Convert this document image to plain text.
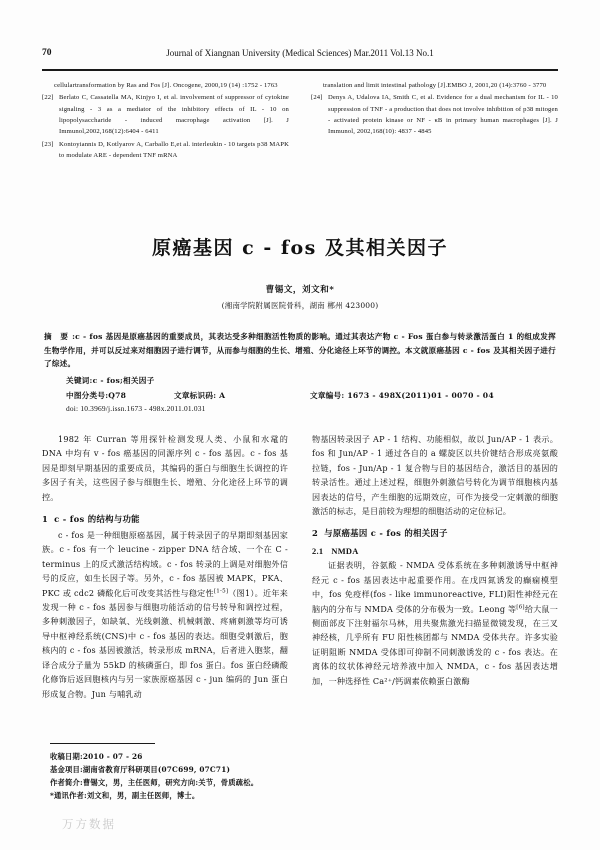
70	Journal of Xiangnan University (Medical Sciences) Mar.2011 Vol.13 No.1
cellulartransformation by Ras and Fos [J]. Oncogene, 2000,19 (14) :1752 - 1763
[22] Berlato C, Cassatella MA, Kinjyo I, et al. involvement of suppressor of cytokine signaling - 3 as a mediator of the inhibitory effects of IL - 10 on lipopolysaccharide - induced macrophage activation [J]. J Immunol,2002,168(12):6404 - 6411
[23] Kontoyiannis D, Kotlyarov A, Carballo E,et al. interleukin - 10 targets p38 MAPK to modulate ARE - dependent TNF mRNA
translation and limit intestinal pathology [J].EMBO J, 2001,20 (14):3760 - 3770
[24] Denys A, Udalova IA, Smith C, et al. Evidence for a dual mechanism for IL - 10 suppression of TNF - a production that does not involve inhibition of p38 mitogen - activated protein kinase or NF - κB in primary human macrophages [J]. J Immunol, 2002,168(10): 4837 - 4845
原癌基因 c - fos 及其相关因子
曹锡文，刘文和*
(湘南学院附属医院骨科，湖南 郴州 423000)
摘 要:c - fos 基因是原癌基因的重要成员，其表达受多种细胞活性物质的影响。通过其表达产物 c - Fos 蛋白参与转录激活蛋白 1 的组成发挥生物学作用，并可以反过来对细胞因子进行调节，从而参与细胞的生长、增殖、分化途径上环节的调控。本文就原癌基因 c - fos 及其相关因子进行了综述。
关键词:c - fos;相关因子
中图分类号:Q78	文章标识码: A	文章编号: 1673 - 498X(2011)01 - 0070 - 04
doi: 10.3969/j.issn.1673 - 498x.2011.01.031

1982 年 Curran 等用探针检测发现人类、小鼠和水鼋的 DNA 中均有 v - fos 癌基因的同源序列 c - fos 基因。c - fos 基因是即刻早期基因的重要成员，其编码的蛋白与细胞生长调控的许多因子有关，这些因子参与细胞生长、增殖、分化途径上环节的调控。

1 c - fos 的结构与功能

c - fos 是一种细胞原癌基因，属于转录因子的早期即刻基因家族。c - fos 有一个 leucine - zipper DNA 结合域、一个在 C - terminus 上的反式激活结构域。c - fos 转录的上调是对细胞外信号的反应，如生长因子等。另外，c - fos 基因被 MAPK，PKA、PKC 或 cdc2 磷酸化后可改变其活性与稳定性[1-5]（图1）。近年来发现一种 c - fos 基因参与细胞功能活动的信号转导和调控过程，多种刺激因子，如缺氧、光线刺激、机械刺激、疼痛刺激等均可诱导中枢神经系统(CNS)中 c - fos 基因的表达。细胞受刺激后，胞核内的 c - fos 基因被激活，转录形成 mRNA，后者进入胞浆，翻译合成分子量为 55kD 的核磷蛋白，即 fos 蛋白。fos 蛋白经磷酸化修饰后返回胞核内与另一家族原癌基因 c - jun 编码的 Jun 蛋白形成复合物。Jun 与哺乳动

物基因转录因子 AP - 1 结构、功能相似，故以 Jun/AP - 1 表示。fos 和 Jun/AP - 1 通过各自的 a 螺旋区以共价键结合形成亮氨酸拉链，fos - Jun/Ap - 1 复合物与目的基因结合，激活目的基因的转录活性。通过上述过程，细胞外刺激信号转化为调节细胞核内基因表达的信号，产生细胞的远期效应，可作为接受一定刺激的细胞激活的标志，是目前较为理想的细胞活动的定位标记。

2 与原癌基因 c - fos 的相关因子
2.1 NMDA

证据表明，谷氨酸 - NMDA 受体系统在多种刺激诱导中枢神经元 c - fos 基因表达中起重要作用。在戊四氮诱发的癫痫模型中，fos 免疫样(fos - like immunoreactive, FLI)阳性神经元在脑内的分布与 NMDA 受体的分布极为一致。Leong 等[6]给大鼠一侧面部皮下注射福尔马林，用共聚焦激光扫描显微镜发现，在三叉神经核，几乎所有 FU 阳性核团都与 NMDA 受体共存。许多实验证明阻断 NMDA 受体即可抑制不同刺激诱发的 c - fos 表达。在离体的纹状体神经元培养液中加入 NMDA，c - fos 基因表达增加，一种选择性 Ca²⁺/钙调素依赖蛋白激酶

收稿日期:2010 - 07 - 26
基金项目:湖南省教育厅科研项目(07C699, 07C71)
作者简介:曹锡文，男，主任医师，研究方向:关节，骨质疏松。
*通讯作者:刘文和，男，副主任医师，博士。
万方数据
